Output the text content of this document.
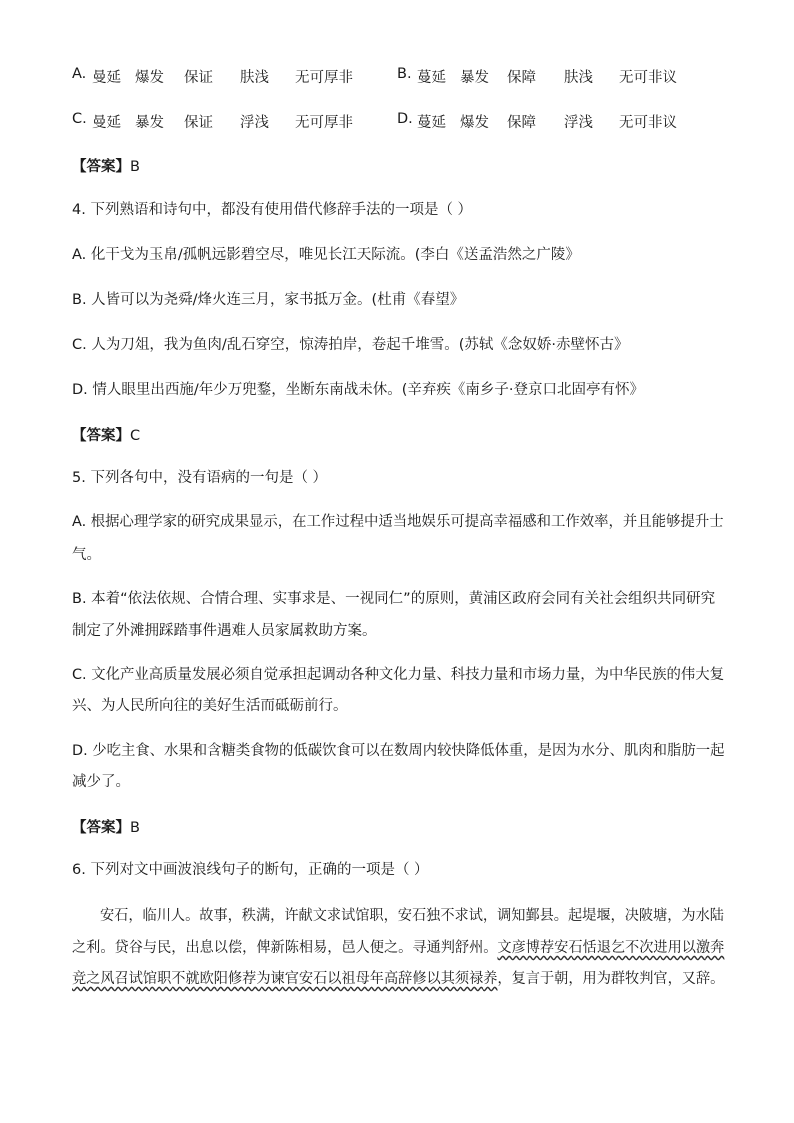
A. 曼延 爆发 保证 肤浅 无可厚非	B. 蔓延 暴发 保障 肤浅 无可非议
C. 曼延 暴发 保证 浮浅 无可厚非	D. 蔓延 爆发 保障 浮浅 无可非议
【答案】B
4. 下列熟语和诗句中，都没有使用借代修辞手法的一项是（ ）
A. 化干戈为玉帛/孤帆远影碧空尽，唯见长江天际流。(李白《送孟浩然之广陵》
B. 人皆可以为尧舜/烽火连三月，家书抵万金。(杜甫《春望》
C. 人为刀俎，我为鱼肉/乱石穿空，惊涛拍岸，卷起千堆雪。(苏轼《念奴娇·赤壁怀古》
D. 情人眼里出西施/年少万兜鍪，坐断东南战未休。(辛弃疾《南乡子·登京口北固亭有怀》
【答案】C
5. 下列各句中，没有语病的一句是（ ）
A. 根据心理学家的研究成果显示，在工作过程中适当地娱乐可提高幸福感和工作效率，并且能够提升士
气。
B. 本着“依法依规、合情合理、实事求是、一视同仁”的原则，黄浦区政府会同有关社会组织共同研究
制定了外滩拥踩踏事件遇难人员家属救助方案。
C. 文化产业高质量发展必须自觉承担起调动各种文化力量、科技力量和市场力量，为中华民族的伟大复
兴、为人民所向往的美好生活而砥砺前行。
D. 少吃主食、水果和含糖类食物的低碳饮食可以在数周内较快降低体重，是因为水分、肌肉和脂肪一起
减少了。
【答案】B
6. 下列对文中画波浪线句子的断句，正确的一项是（ ）
安石，临川人。故事，秩满，许献文求试馆职，安石独不求试，调知鄞县。起堤堰，决陂塘，为水陆
之利。贷谷与民，出息以偿，俾新陈相易，邑人便之。寻通判舒州。文彦博荐安石恬退乞不次进用以激奔
竞之风召试馆职不就欧阳修荐为谏官安石以祖母年高辞修以其须禄养，复言于朝，用为群牧判官，又辞。
